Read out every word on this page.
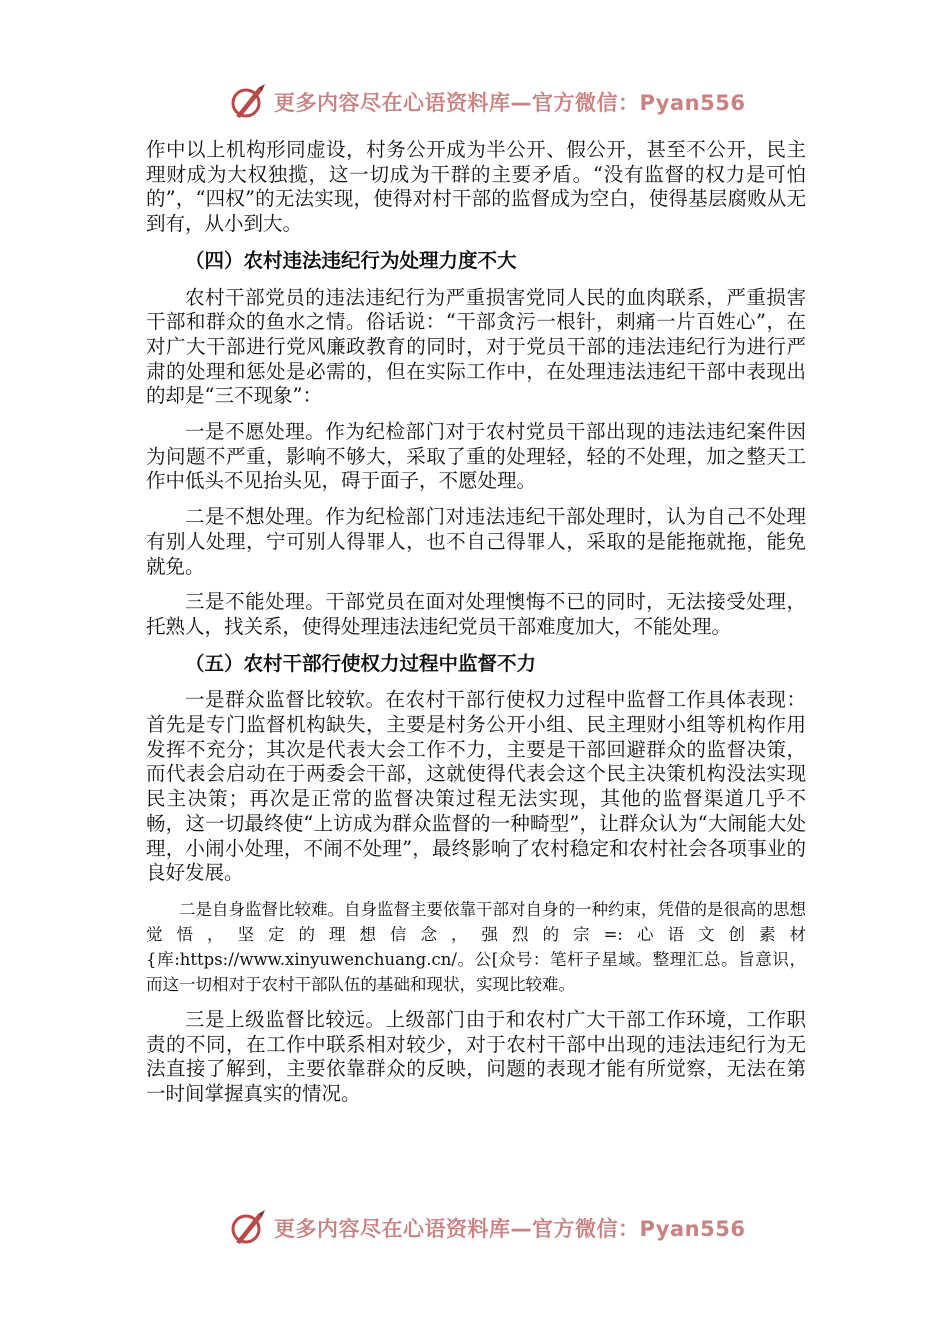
更多内容尽在心语资料库—官方微信：Pyan556

作中以上机构形同虚设，村务公开成为半公开、假公开，甚至不公开，民主理财成为大权独揽，这一切成为干群的主要矛盾。“没有监督的权力是可怕的”，“四权”的无法实现，使得对村干部的监督成为空白，使得基层腐败从无到有，从小到大。

（四）农村违法违纪行为处理力度不大

农村干部党员的违法违纪行为严重损害党同人民的血肉联系，严重损害干部和群众的鱼水之情。俗话说：“干部贪污一根针，刺痛一片百姓心”，在对广大干部进行党风廉政教育的同时，对于党员干部的违法违纪行为进行严肃的处理和惩处是必需的，但在实际工作中，在处理违法违纪干部中表现出的却是“三不现象”：

一是不愿处理。作为纪检部门对于农村党员干部出现的违法违纪案件因为问题不严重，影响不够大，采取了重的处理轻，轻的不处理，加之整天工作中低头不见抬头见，碍于面子，不愿处理。

二是不想处理。作为纪检部门对违法违纪干部处理时，认为自己不处理有别人处理，宁可别人得罪人，也不自己得罪人，采取的是能拖就拖，能免就免。

三是不能处理。干部党员在面对处理懊悔不已的同时，无法接受处理，托熟人，找关系，使得处理违法违纪党员干部难度加大，不能处理。

（五）农村干部行使权力过程中监督不力

一是群众监督比较软。在农村干部行使权力过程中监督工作具体表现：首先是专门监督机构缺失，主要是村务公开小组、民主理财小组等机构作用发挥不充分；其次是代表大会工作不力，主要是干部回避群众的监督决策，而代表会启动在于两委会干部，这就使得代表会这个民主决策机构没法实现民主决策；再次是正常的监督决策过程无法实现，其他的监督渠道几乎不畅，这一切最终使“上访成为群众监督的一种畸型”，让群众认为“大闹能大处理，小闹小处理，不闹不处理”，最终影响了农村稳定和农村社会各项事业的良好发展。

二是自身监督比较难。自身监督主要依靠干部对自身的一种约束，凭借的是很高的思想觉悟，坚定的理想信念，强烈的宗=:心语文创素材{库:https://www.xinyuwenchuang.cn/。公[众号：笔杆子星域。整理汇总。旨意识，而这一切相对于农村干部队伍的基础和现状，实现比较难。

三是上级监督比较远。上级部门由于和农村广大干部工作环境，工作职责的不同，在工作中联系相对较少，对于农村干部中出现的违法违纪行为无法直接了解到，主要依靠群众的反映，问题的表现才能有所觉察，无法在第一时间掌握真实的情况。

更多内容尽在心语资料库—官方微信：Pyan556
